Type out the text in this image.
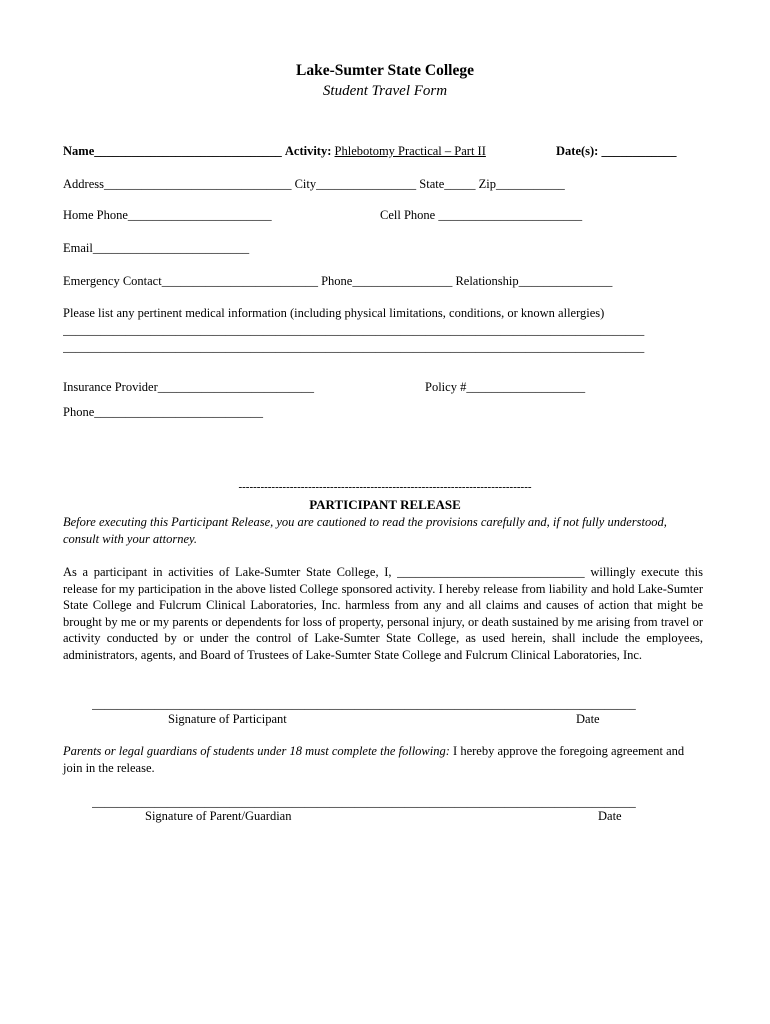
Lake-Sumter State College
Student Travel Form
Name______________________________ Activity: Phlebotomy Practical – Part II	Date(s): ____________
Address______________________________ City________________ State_____ Zip___________
Home Phone_______________________	Cell Phone _______________________
Email_________________________
Emergency Contact_________________________ Phone________________ Relationship_______________
Please list any pertinent medical information (including physical limitations, conditions, or known allergies)
_____________________________________________________________________________________________
_____________________________________________________________________________________________
Insurance Provider_________________________	Policy #___________________
Phone___________________________
--------------------------------------------------------------------------------
PARTICIPANT RELEASE
Before executing this Participant Release, you are cautioned to read the provisions carefully and, if not fully understood, consult with your attorney.
As a participant in activities of Lake-Sumter State College, I, ______________________________ willingly execute this release for my participation in the above listed College sponsored activity. I hereby release from liability and hold Lake-Sumter State College and Fulcrum Clinical Laboratories, Inc. harmless from any and all claims and causes of action that might be brought by me or my parents or dependents for loss of property, personal injury, or death sustained by me arising from travel or activity conducted by or under the control of Lake-Sumter State College, as used herein, shall include the employees, administrators, agents, and Board of Trustees of Lake-Sumter State College and Fulcrum Clinical Laboratories, Inc.
_______________________________________________________________________________________
Signature of Participant	Date
Parents or legal guardians of students under 18 must complete the following: I hereby approve the foregoing agreement and join in the release.
_______________________________________________________________________________________
Signature of Parent/Guardian	Date
